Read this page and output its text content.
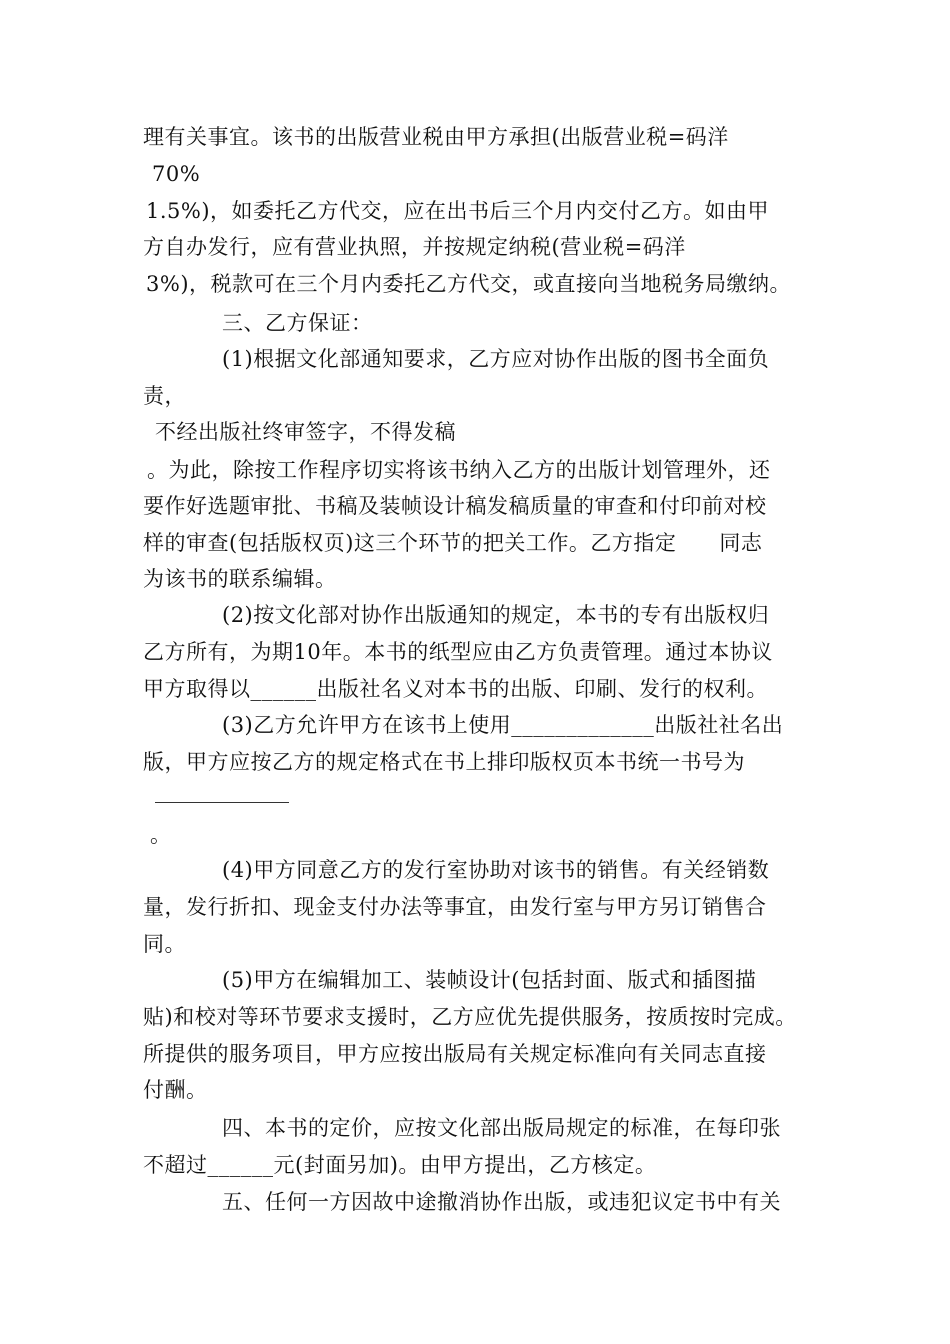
理有关事宜。该书的出版营业税由甲方承担(出版营业税=码洋
70%
1.5%)，如委托乙方代交，应在出书后三个月内交付乙方。如由甲
方自办发行，应有营业执照，并按规定纳税(营业税=码洋
3%)，税款可在三个月内委托乙方代交，或直接向当地税务局缴纳。
三、乙方保证：
(1)根据文化部通知要求，乙方应对协作出版的图书全面负
责，
不经出版社终审签字，不得发稿
。为此，除按工作程序切实将该书纳入乙方的出版计划管理外，还
要作好选题审批、书稿及装帧设计稿发稿质量的审查和付印前对校
样的审查(包括版权页)这三个环节的把关工作。乙方指定　　同志
为该书的联系编辑。
(2)按文化部对协作出版通知的规定，本书的专有出版权归
乙方所有，为期10年。本书的纸型应由乙方负责管理。通过本协议
甲方取得以______出版社名义对本书的出版、印刷、发行的权利。
(3)乙方允许甲方在该书上使用_____________出版社社名出
版，甲方应按乙方的规定格式在书上排印版权页本书统一书号为
。
(4)甲方同意乙方的发行室协助对该书的销售。有关经销数
量，发行折扣、现金支付办法等事宜，由发行室与甲方另订销售合
同。
(5)甲方在编辑加工、装帧设计(包括封面、版式和插图描
贴)和校对等环节要求支援时，乙方应优先提供服务，按质按时完成。
所提供的服务项目，甲方应按出版局有关规定标准向有关同志直接
付酬。
四、本书的定价，应按文化部出版局规定的标准，在每印张
不超过______元(封面另加)。由甲方提出，乙方核定。
五、任何一方因故中途撤消协作出版，或违犯议定书中有关
